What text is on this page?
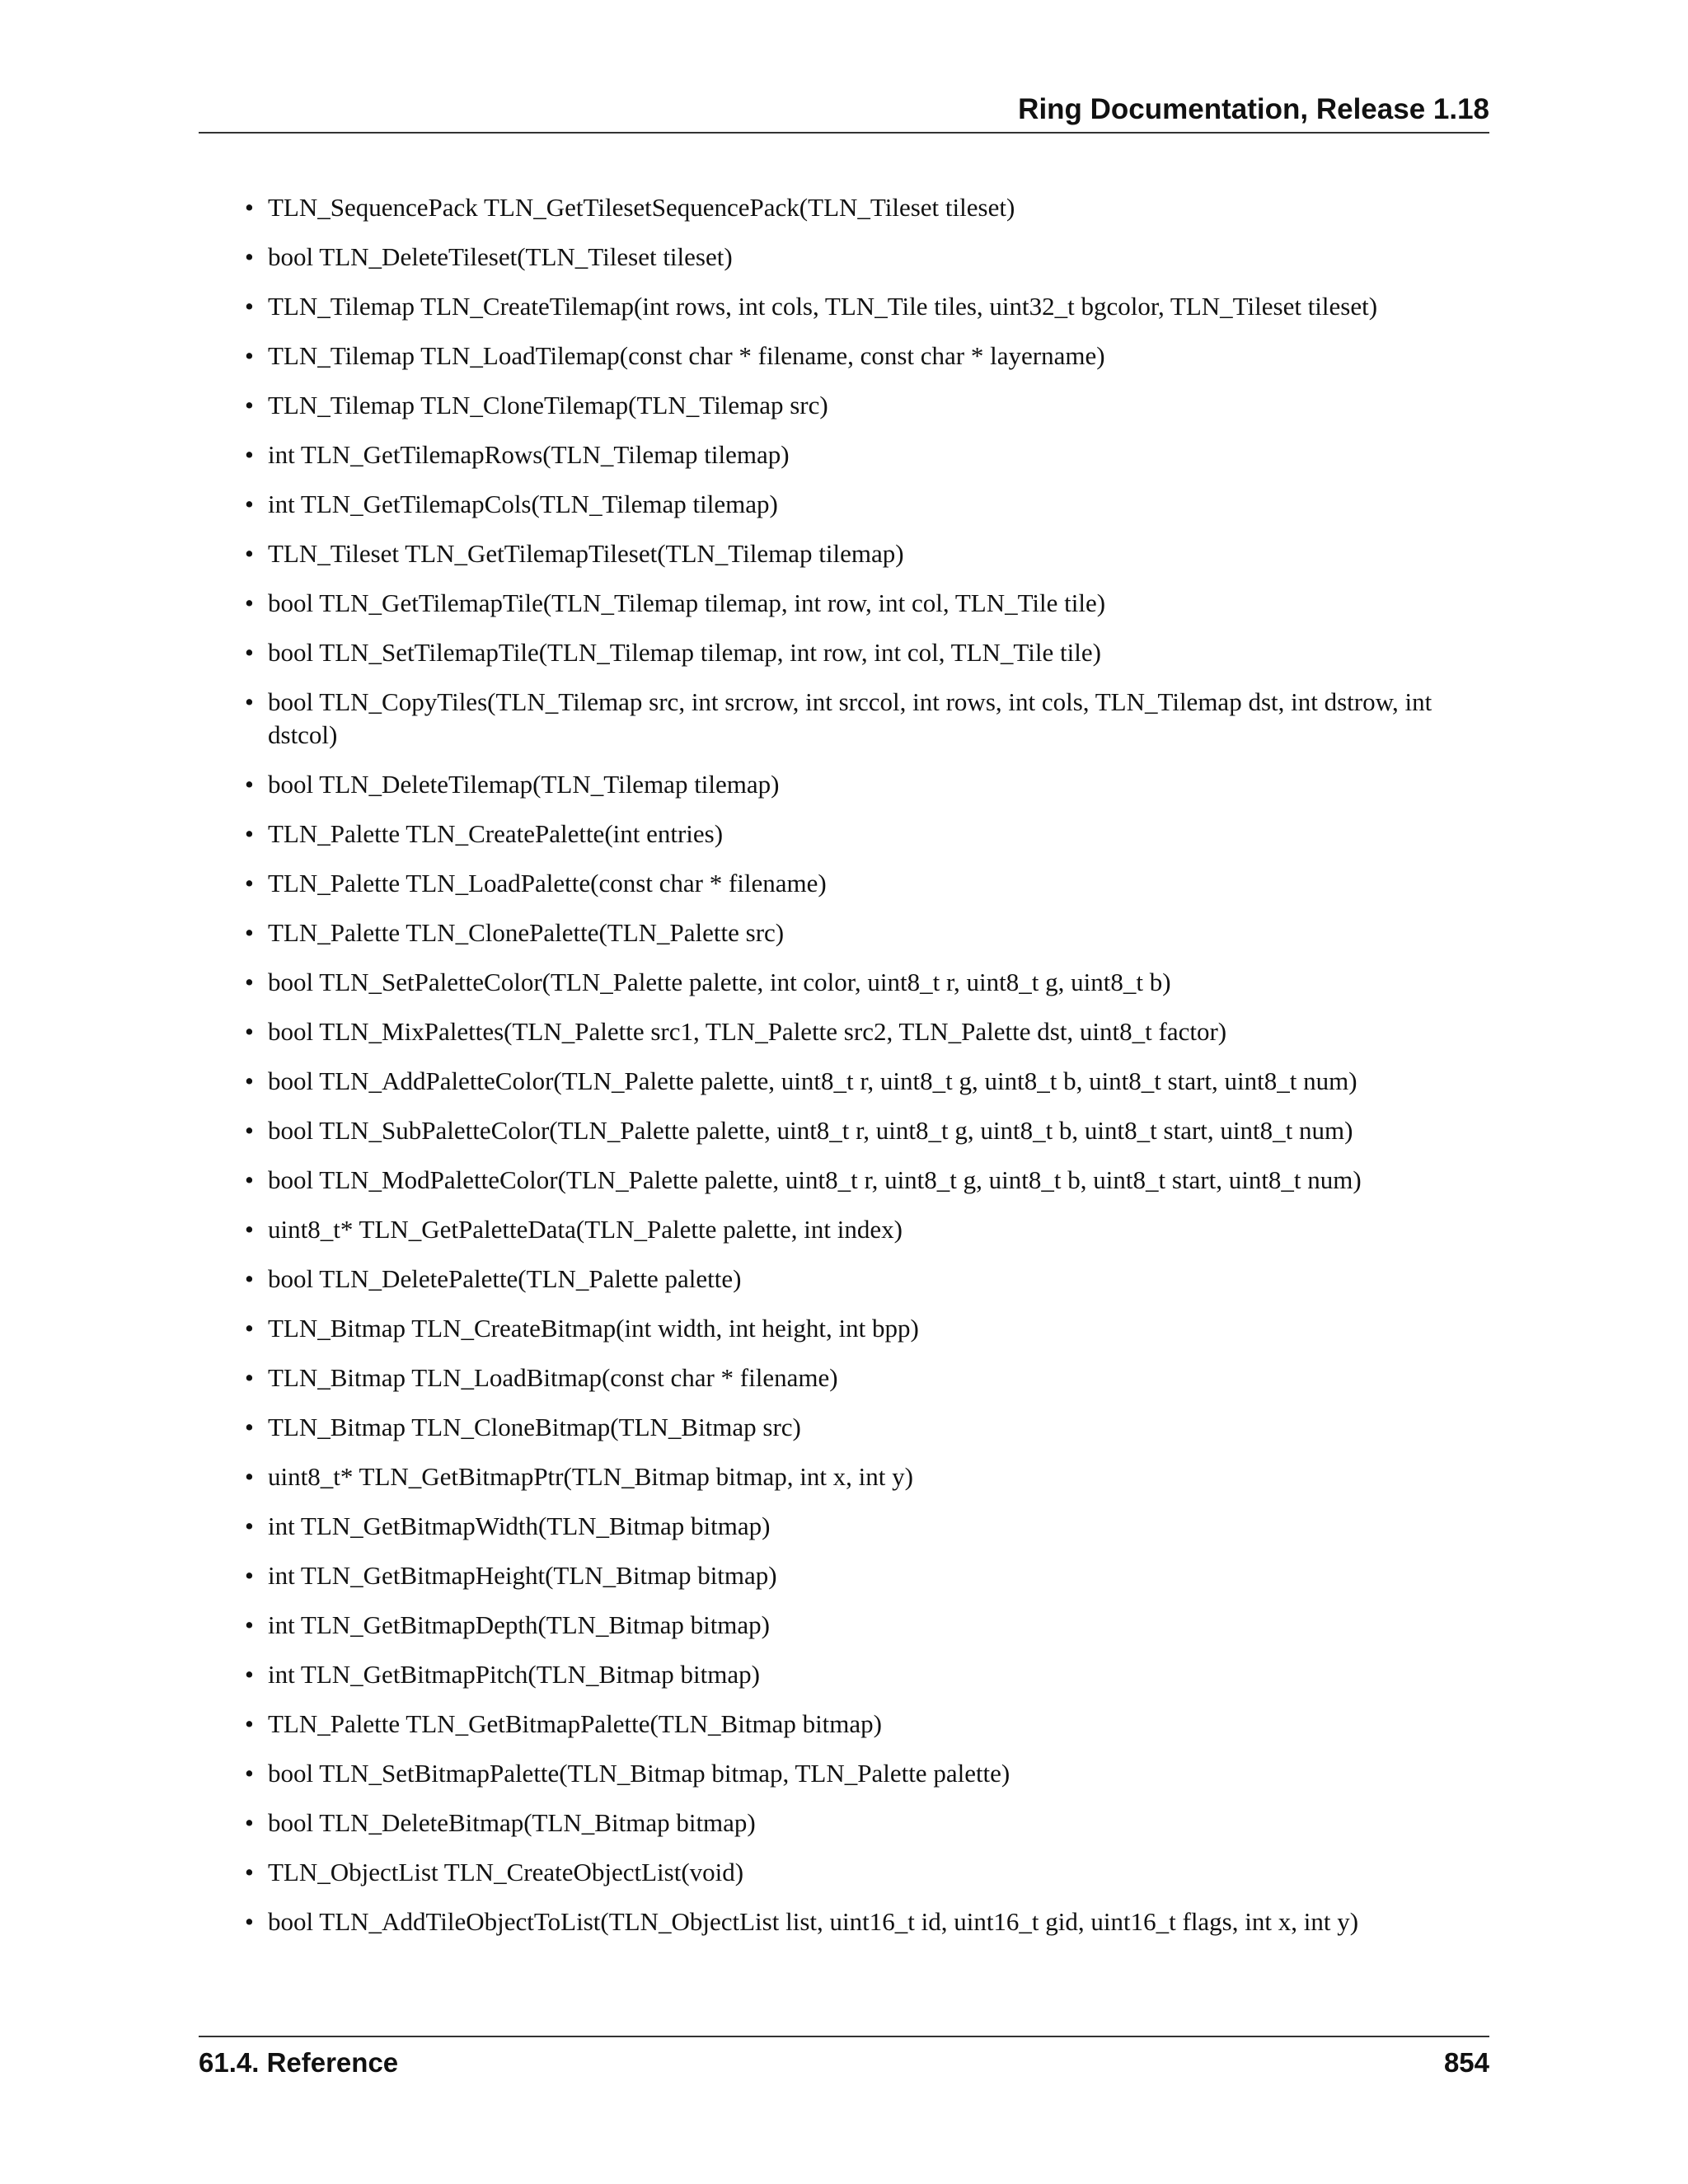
Ring Documentation, Release 1.18
• TLN_SequencePack TLN_GetTilesetSequencePack(TLN_Tileset tileset)
• bool TLN_DeleteTileset(TLN_Tileset tileset)
• TLN_Tilemap TLN_CreateTilemap(int rows, int cols, TLN_Tile tiles, uint32_t bgcolor, TLN_Tileset tileset)
• TLN_Tilemap TLN_LoadTilemap(const char * filename, const char * layername)
• TLN_Tilemap TLN_CloneTilemap(TLN_Tilemap src)
• int TLN_GetTilemapRows(TLN_Tilemap tilemap)
• int TLN_GetTilemapCols(TLN_Tilemap tilemap)
• TLN_Tileset TLN_GetTilemapTileset(TLN_Tilemap tilemap)
• bool TLN_GetTilemapTile(TLN_Tilemap tilemap, int row, int col, TLN_Tile tile)
• bool TLN_SetTilemapTile(TLN_Tilemap tilemap, int row, int col, TLN_Tile tile)
• bool TLN_CopyTiles(TLN_Tilemap src, int srcrow, int srccol, int rows, int cols, TLN_Tilemap dst, int dstrow, int dstcol)
• bool TLN_DeleteTilemap(TLN_Tilemap tilemap)
• TLN_Palette TLN_CreatePalette(int entries)
• TLN_Palette TLN_LoadPalette(const char * filename)
• TLN_Palette TLN_ClonePalette(TLN_Palette src)
• bool TLN_SetPaletteColor(TLN_Palette palette, int color, uint8_t r, uint8_t g, uint8_t b)
• bool TLN_MixPalettes(TLN_Palette src1, TLN_Palette src2, TLN_Palette dst, uint8_t factor)
• bool TLN_AddPaletteColor(TLN_Palette palette, uint8_t r, uint8_t g, uint8_t b, uint8_t start, uint8_t num)
• bool TLN_SubPaletteColor(TLN_Palette palette, uint8_t r, uint8_t g, uint8_t b, uint8_t start, uint8_t num)
• bool TLN_ModPaletteColor(TLN_Palette palette, uint8_t r, uint8_t g, uint8_t b, uint8_t start, uint8_t num)
• uint8_t* TLN_GetPaletteData(TLN_Palette palette, int index)
• bool TLN_DeletePalette(TLN_Palette palette)
• TLN_Bitmap TLN_CreateBitmap(int width, int height, int bpp)
• TLN_Bitmap TLN_LoadBitmap(const char * filename)
• TLN_Bitmap TLN_CloneBitmap(TLN_Bitmap src)
• uint8_t* TLN_GetBitmapPtr(TLN_Bitmap bitmap, int x, int y)
• int TLN_GetBitmapWidth(TLN_Bitmap bitmap)
• int TLN_GetBitmapHeight(TLN_Bitmap bitmap)
• int TLN_GetBitmapDepth(TLN_Bitmap bitmap)
• int TLN_GetBitmapPitch(TLN_Bitmap bitmap)
• TLN_Palette TLN_GetBitmapPalette(TLN_Bitmap bitmap)
• bool TLN_SetBitmapPalette(TLN_Bitmap bitmap, TLN_Palette palette)
• bool TLN_DeleteBitmap(TLN_Bitmap bitmap)
• TLN_ObjectList TLN_CreateObjectList(void)
• bool TLN_AddTileObjectToList(TLN_ObjectList list, uint16_t id, uint16_t gid, uint16_t flags, int x, int y)
61.4. Reference	854
